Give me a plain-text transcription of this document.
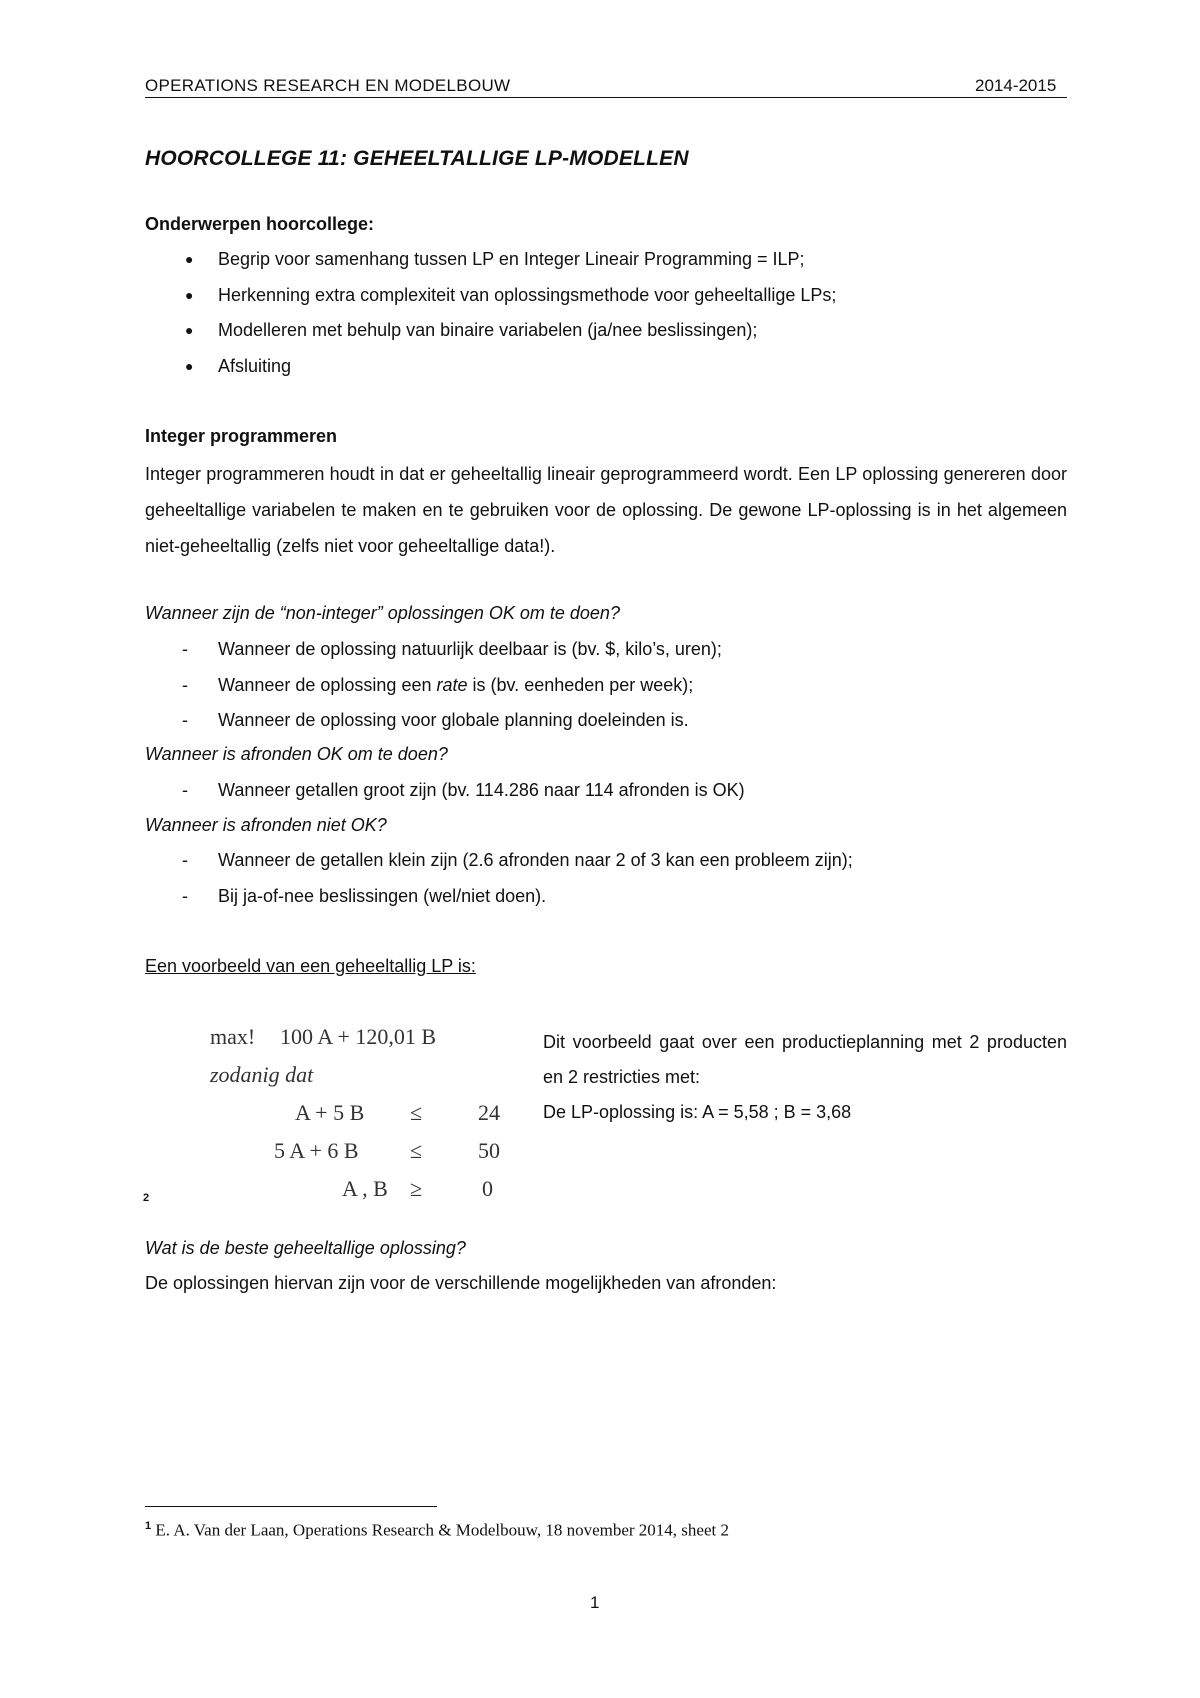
OPERATIONS RESEARCH EN MODELBOUW	2014-2015
HOORCOLLEGE 11: GEHEELTALLIGE LP-MODELLEN
Onderwerpen hoorcollege:
● Begrip voor samenhang tussen LP en Integer Lineair Programming = ILP;
● Herkenning extra complexiteit van oplossingsmethode voor geheeltallige LPs;
● Modelleren met behulp van binaire variabelen (ja/nee beslissingen);
● Afsluiting
Integer programmeren
Integer programmeren houdt in dat er geheeltallig lineair geprogrammeerd wordt. Een LP oplossing genereren door geheeltallige variabelen te maken en te gebruiken voor de oplossing. De gewone LP-oplossing is in het algemeen niet-geheeltallig (zelfs niet voor geheeltallige data!).
Wanneer zijn de “non-integer” oplossingen OK om te doen?
- Wanneer de oplossing natuurlijk deelbaar is (bv. $, kilo’s, uren);
- Wanneer de oplossing een rate is (bv. eenheden per week);
- Wanneer de oplossing voor globale planning doeleinden is.
Wanneer is afronden OK om te doen?
- Wanneer getallen groot zijn (bv. 114.286 naar 114 afronden is OK)
Wanneer is afronden niet OK?
- Wanneer de getallen klein zijn (2.6 afronden naar 2 of 3 kan een probleem zijn);
- Bij ja-of-nee beslissingen (wel/niet doen).
Een voorbeeld van een geheeltallig LP is:
max! 100 A + 120,01 B
zodanig dat
A + 5 B ≤	24
5 A + 6 B ≤	50
A , B ≥	0
2
Dit voorbeeld gaat over een productieplanning met 2 producten en 2 restricties met:
De LP-oplossing is: A = 5,58 ; B = 3,68
Wat is de beste geheeltallige oplossing?
De oplossingen hiervan zijn voor de verschillende mogelijkheden van afronden:
$^1$ E. A. Van der Laan, Operations Research & Modelbouw, 18 november 2014, sheet 2
1
